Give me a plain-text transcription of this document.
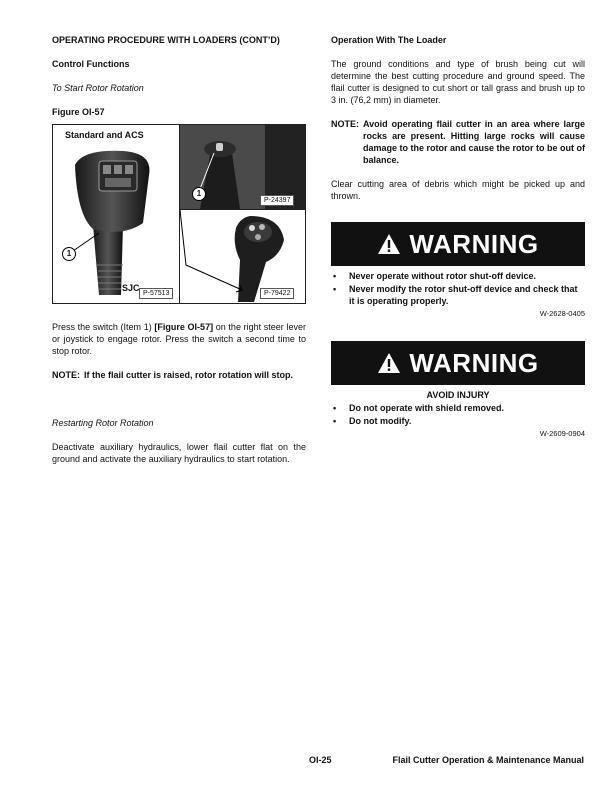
OPERATING PROCEDURE WITH LOADERS (CONT’D)

Control Functions

To Start Rotor Rotation

Figure OI-57

Standard and ACS
1
P-57513
1
P-24397
SJC
P-79422

Press the switch (Item 1) [Figure OI-57] on the right steer lever or joystick to engage rotor. Press the switch a second time to stop rotor.

NOTE: If the flail cutter is raised, rotor rotation will stop.

Restarting Rotor Rotation

Deactivate auxiliary hydraulics, lower flail cutter flat on the ground and activate the auxiliary hydraulics to start rotation.

Operation With The Loader

The ground conditions and type of brush being cut will determine the best cutting procedure and ground speed. The flail cutter is designed to cut short or tall grass and brush up to 3 in. (76,2 mm) in diameter.

NOTE: Avoid operating flail cutter in an area where large rocks are present. Hitting large rocks will cause damage to the rotor and cause the rotor to be out of balance.

Clear cutting area of debris which might be picked up and thrown.

WARNING
•	Never operate without rotor shut-off device.
•	Never modify the rotor shut-off device and check that it is operating properly.
W-2628-0405
WARNING
AVOID INJURY
•	Do not operate with shield removed.
•	Do not modify.
W-2609-0904
OI-25	Flail Cutter Operation & Maintenance Manual
